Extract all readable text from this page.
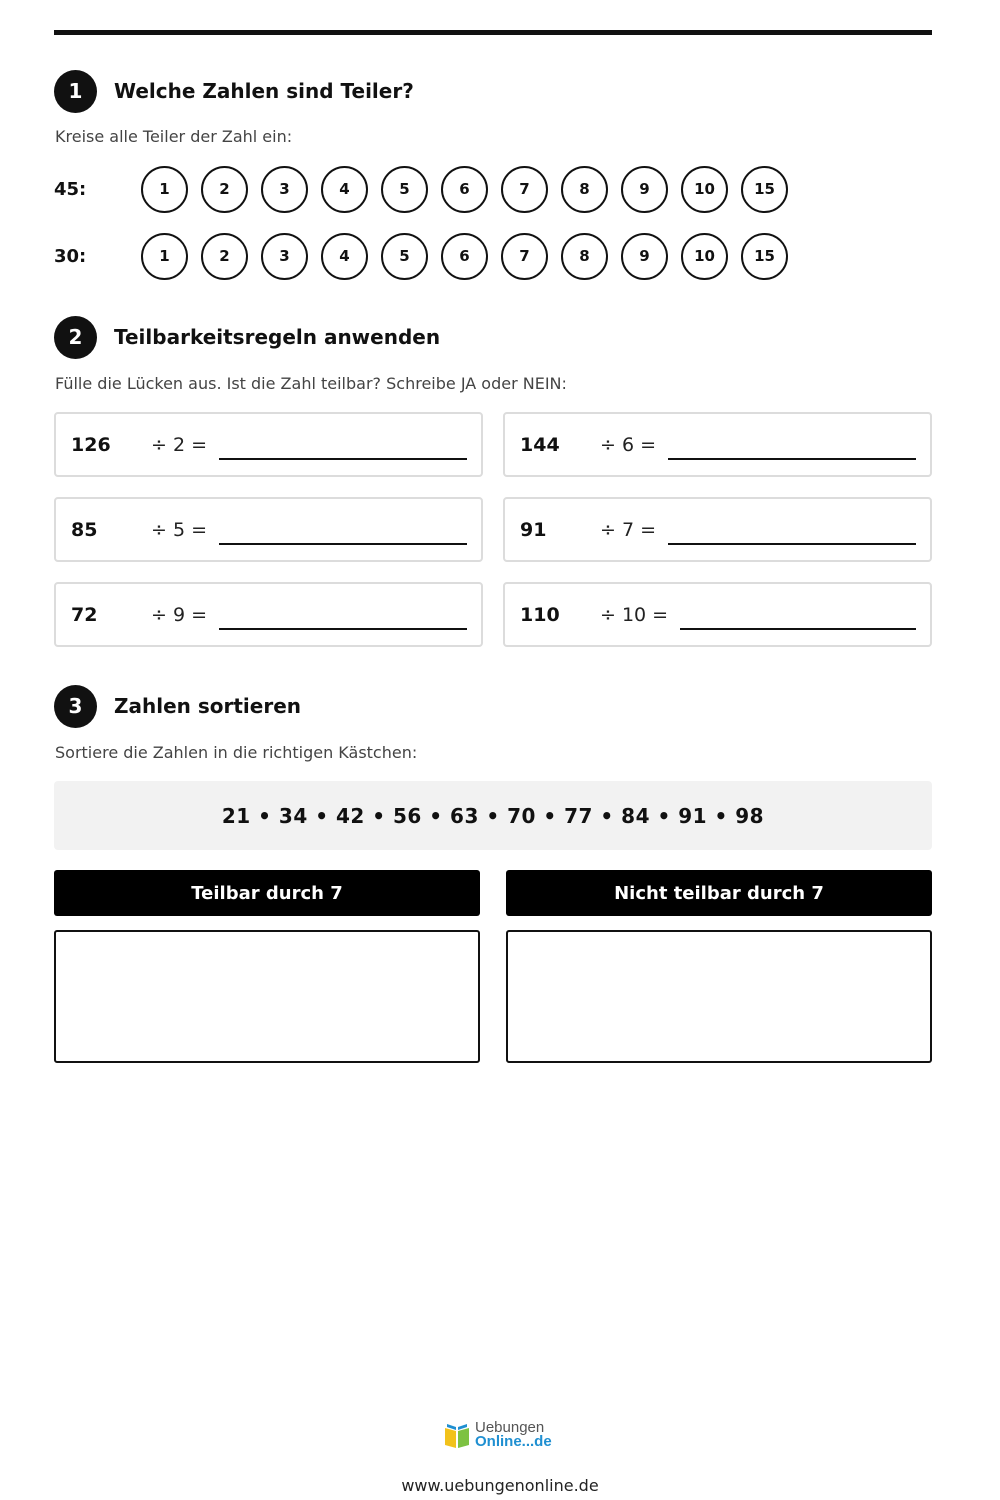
1	Welche Zahlen sind Teiler?
Kreise alle Teiler der Zahl ein:
45:	1	2	3	4	5	6	7	8	9	10	15
30:	1	2	3	4	5	6	7	8	9	10	15
2	Teilbarkeitsregeln anwenden
Fülle die Lücken aus. Ist die Zahl teilbar? Schreibe JA oder NEIN:
126	÷ 2 =	144	÷ 6 =
85	÷ 5 =	91	÷ 7 =
72	÷ 9 =	110	÷ 10 =
3	Zahlen sortieren
Sortiere die Zahlen in die richtigen Kästchen:
21 • 34 • 42 • 56 • 63 • 70 • 77 • 84 • 91 • 98
Teilbar durch 7	Nicht teilbar durch 7
Uebungen
Online...de
www.uebungenonline.de
